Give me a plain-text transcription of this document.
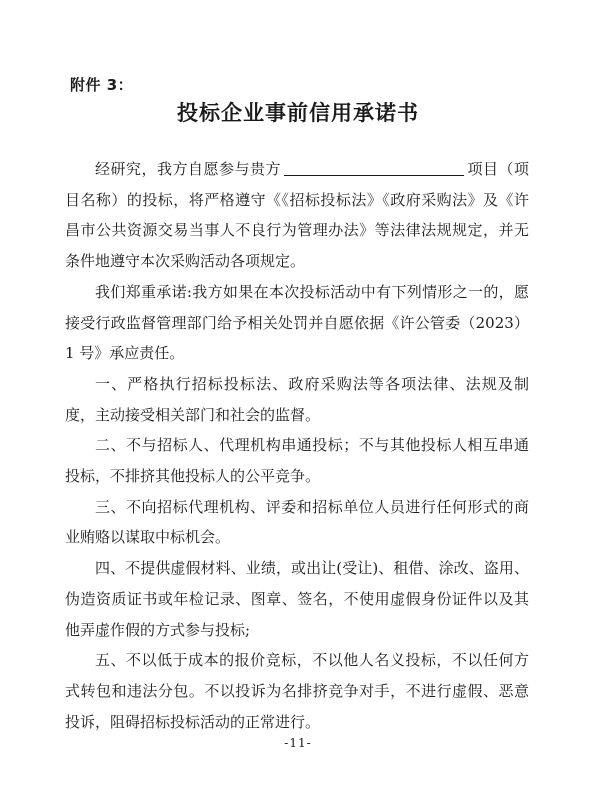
附件 3：
投标企业事前信用承诺书

经研究，我方自愿参与贵方	项目（项目名称）的投标，将严格遵守《《招标投标法》《政府采购法》及《许昌市公共资源交易当事人不良行为管理办法》等法律法规规定，并无条件地遵守本次采购活动各项规定。

我们郑重承诺:我方如果在本次投标活动中有下列情形之一的，愿接受行政监督管理部门给予相关处罚并自愿依据《许公管委（2023）1 号》承应责任。

一、严格执行招标投标法、政府采购法等各项法律、法规及制度，主动接受相关部门和社会的监督。

二、不与招标人、代理机构串通投标；不与其他投标人相互串通投标，不排挤其他投标人的公平竞争。

三、不向招标代理机构、评委和招标单位人员进行任何形式的商业贿赂以谋取中标机会。

四、不提供虚假材料、业绩，或出让(受让)、租借、涂改、盗用、伪造资质证书或年检记录、图章、签名，不使用虚假身份证件以及其他弄虚作假的方式参与投标;

五、不以低于成本的报价竞标，不以他人名义投标，不以任何方式转包和违法分包。不以投诉为名排挤竞争对手，不进行虚假、恶意投诉，阻碍招标投标活动的正常进行。

-11-
